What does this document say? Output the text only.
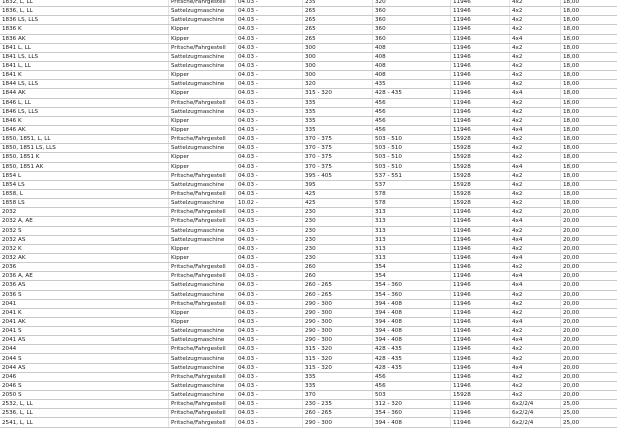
1832, L, LL	Pritsche/Fahrgestell	04.03 -	235	320	11946	4x2	18,00
1836, L, LL	Sattelzugmaschine	04.03 -	265	360	11946	4x2	18,00
1836 LS, LLS	Sattelzugmaschine	04.03 -	265	360	11946	4x2	18,00
1836 K	Kipper	04.03 -	265	360	11946	4x2	18,00
1836 AK	Kipper	04.03 -	265	360	11946	4x4	18,00
1841 L, LL	Pritsche/Fahrgestell	04.03 -	300	408	11946	4x2	18,00
1841 LS, LLS	Sattelzugmaschine	04.03 -	300	408	11946	4x2	18,00
1841 L, LL	Sattelzugmaschine	04.03 -	300	408	11946	4x2	18,00
1841 K	Kipper	04.03 -	300	408	11946	4x2	18,00
1844 LS, LLS	Sattelzugmaschine	04.03 -	320	435	11946	4x2	18,00
1844 AK	Kipper	04.03 -	315 - 320	428 - 435	11946	4x4	18,00
1846 L, LL	Pritsche/Fahrgestell	04.03 -	335	456	11946	4x2	18,00
1846 LS, LLS	Sattelzugmaschine	04.03 -	335	456	11946	4x2	18,00
1846 K	Kipper	04.03 -	335	456	11946	4x2	18,00
1846 AK	Kipper	04.03 -	335	456	11946	4x4	18,00
1850, 1851, L, LL	Pritsche/Fahrgestell	04.03 -	370 - 375	503 - 510	15928	4x2	18,00
1850, 1851 LS, LLS	Sattelzugmaschine	04.03 -	370 - 375	503 - 510	15928	4x2	18,00
1850, 1851 K	Kipper	04.03 -	370 - 375	503 - 510	15928	4x2	18,00
1850, 1851 AK	Kipper	04.03 -	370 - 375	503 - 510	15928	4x4	18,00
1854 L	Pritsche/Fahrgestell	04.03 -	395 - 405	537 - 551	15928	4x2	18,00
1854 LS	Sattelzugmaschine	04.03 -	395	537	15928	4x2	18,00
1858, L	Pritsche/Fahrgestell	04.03 -	425	578	15928	4x2	18,00
1858 LS	Sattelzugmaschine	10.02 -	425	578	15928	4x2	18,00
2032	Pritsche/Fahrgestell	04.03 -	230	313	11946	4x2	20,00
2032 A, AE	Pritsche/Fahrgestell	04.03 -	230	313	11946	4x4	20,00
2032 S	Sattelzugmaschine	04.03 -	230	313	11946	4x2	20,00
2032 AS	Sattelzugmaschine	04.03 -	230	313	11946	4x4	20,00
2032 K	Kipper	04.03 -	230	313	11946	4x2	20,00
2032 AK	Kipper	04.03 -	230	313	11946	4x4	20,00
2036	Pritsche/Fahrgestell	04.03 -	260	354	11946	4x2	20,00
2036 A, AE	Pritsche/Fahrgestell	04.03 -	260	354	11946	4x4	20,00
2036 AS	Sattelzugmaschine	04.03 -	260 - 265	354 - 360	11946	4x4	20,00
2036 S	Sattelzugmaschine	04.03 -	260 - 265	354 - 360	11946	4x2	20,00
2041	Pritsche/Fahrgestell	04.03 -	290 - 300	394 - 408	11946	4x2	20,00
2041 K	Kipper	04.03 -	290 - 300	394 - 408	11946	4x2	20,00
2041 AK	Kipper	04.03 -	290 - 300	394 - 408	11946	4x4	20,00
2041 S	Sattelzugmaschine	04.03 -	290 - 300	394 - 408	11946	4x2	20,00
2041 AS	Sattelzugmaschine	04.03 -	290 - 300	394 - 408	11946	4x4	20,00
2044	Pritsche/Fahrgestell	04.03 -	315 - 320	428 - 435	11946	4x2	20,00
2044 S	Sattelzugmaschine	04.03 -	315 - 320	428 - 435	11946	4x2	20,00
2044 AS	Sattelzugmaschine	04.03 -	315 - 320	428 - 435	11946	4x4	20,00
2046	Pritsche/Fahrgestell	04.03 -	335	456	11946	4x2	20,00
2046 S	Sattelzugmaschine	04.03 -	335	456	11946	4x2	20,00
2050 S	Sattelzugmaschine	04.03 -	370	503	15928	4x2	20,00
2532, L, LL	Pritsche/Fahrgestell	04.03 -	230 - 235	312 - 320	11946	6x2/2/4	25,00
2536, L, LL	Pritsche/Fahrgestell	04.03 -	260 - 265	354 - 360	11946	6x2/2/4	25,00
2541, L, LL	Pritsche/Fahrgestell	04.03 -	290 - 300	394 - 408	11946	6x2/2/4	25,00
